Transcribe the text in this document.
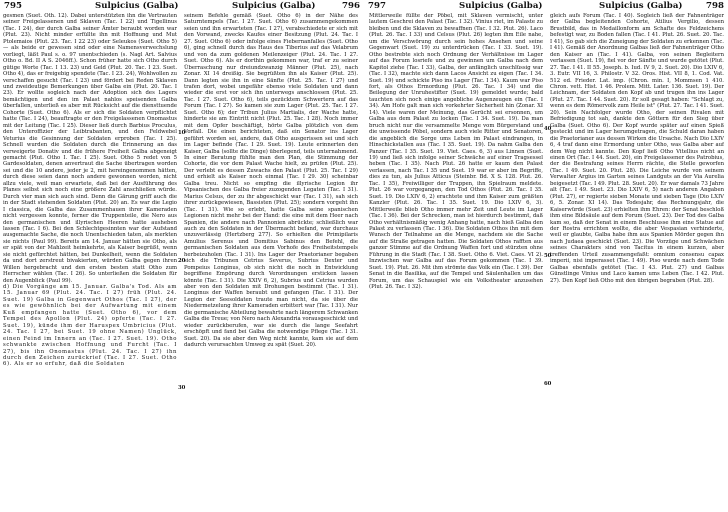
795	Sulpicius (Galba)	Sulpicius (Galba)	796

gesmen (Suet. Oth. 12). Dabei unterstützten ihn die Vertrauten seiner Freigelassenen und Sklaven (Tac. I 22) und Tigellinus (Tac. I 24), der durch Galba seiner Ämter beraubt worden war (Plut. 23). Nicht minder erfüllte ihn mit Hoffnung und Mut Ptolemaios (Plut. 23. Tac. I 22 23) oder Seleukos (Suet. Otho 5) — als beide er gewesen sind oder eine Namensverwechslung vorliegt, läßt Paul s. o. 97 unentschieden (s. Nagl Art. Salvius Otho o. Bd. II A S. 2046ff.). Schon früher hatte sich Otho durch gütige Worte (Tac. I 13. 23) und Geld (Plut. 20. Tac. I 23. Suet. Otho 4), das er freigebig spendete (Tac. I 23. 24), Wohlwollen zu verschaffen gesucht (Tac. I 23) und fördert bei Reden Sklaven und zweideutige Bemerkungen über Galba ein (Plut. 20. Tac. I 23). Er wollte sogleich nach der Adoption sich des Lagers bemächtigen und den im Palast nahlos speisenden Galba überfallen, unterließ es aber mit Rücksicht auf die diensttuende Cohorte (Suet. Otho 6). Als er sich die Soldaten verpflichtet hatte (Tac. I 24), beauftragte er den Freigelassenen Onomastus mit der Leitung (Tac. I 25). Dieser ließ durch Barbius Proculus, den Unteroffizier der Leibtrabanten, und den Feldwebel Veturius die Gesinnung der Soldaten erproben (Tac. I 25). Schnell wurden die Soldaten durch die Erinnerung an das verweigerte Donativ und die frühere Freiheit Galba abgeneigt gemacht (Plut. Otho I. Tac. I 25). Suet. Otho 5 redet von 5 Gardesoldaten, denen anvertraut die Sache übertragen worden sei und die 10 andere, jeder je 2, mit hereingenommen hätten, durch diese seien dann noch andere gewonnen worden, nicht allzu viele, weil man erwartete, daß bei der Ausführung des Planes selbst sich noch eine größere Zahl anschließen würde. Durch vier man sich auch sind. Denn die Gärung griff auch die in der Stadt stehenden Soldaten (Plut. 20) an. Es war die Legio I classica, die Galba das Zusammenhauen ihrer Kameraden nicht vergessen konnte, ferner die Truppenteile, die Nero aus den germanischen und illyrischen Heeren hatte ausheben lassen (Tac. I 6). Bei den Schlechtgesinnten war der Aufstand ausgemachte Sache, die noch Unentschieden taten, als merkten sie nichts (Paul 99). Bereits am 14. Januar hätten sie Otho, als er spät von der Mahlzeit heimkehrte, als Kaiser begrüßt, wenn sie nicht gefürchtet hätten, bei Dunkelheit, wenn die Soldaten da und dort zerstreut bivakierten, würden Galba gegen ihren Willen hergebracht und den ersten besten statt Otho zum Herrscher wählen (Tac. I 26). So unterließen die Soldaten für den Augenblick (Paul 99).

d) Die Vorgänge am 15. Januar. Galba's Tod. Als am 15. Januar 69 (Plut. 24. Tac. I 27) früh (Plut. 24. Suet. 19) Galba in Gegenwart Othos (Tac. I 27), der es wie gewöhnlich bei der Aufwartung mit einem Kuß empfangen hatte (Suet. Otho 6), vor dem Tempel des Apollon (Plut. 24) opferte (Tac. I 27. Suet. 19), künde ihm der Haruspex Umbricius (Plut. 24. Tac. I 27, bei Suet. 19 ohne Namen) Unglück, einen Feind im Innern an (Tac. I 27. Suet. 19). Otho schwankte zwischen Hoffnung und Furcht (Tac. I 27), bis ihn Onomastus (Plut. 24. Tac. I 27) ihn durch den Zeichen zurückrief (Tac. I 27. Suet. Otho 6). Als er so erfuhr, daß die Soldaten

10
20
30

seinem Befehle gemäß (Suet. Otho 6) in der Nähe des Saturntempels (Tac. I 27. Suet. Otho 6) zusammengekommen seien und ihn erwarteten (Tac. I 27), verabschiedete er sich mit den Vorwand, zwecks Kaufes einer Besitzung (Plut. 24. Tac. I 27. Suet. Otho 6) oder infolge eines Fiebernanfalles (Suet. Otho 6), ging schnell durch das Haus des Tiberius auf das Velabrum und von da zum goldenen Meilenzeiger (Plut. 24. Tac. I 27. Suet. Otho 6). Als er dorthin gekommen war, traf er zu seiner Überraschung nur dreiundzwanzig Männer (Plut. 25), nach Zonar. XI 14 dreißig. Sie begrüßten ihn als Kaiser (Plut. 25). Dann legten sie ihn in eine Sänfte (Plut. 25. Tac. I 27) und trafen dort, wobei ungefähr ebenso viele Soldaten und dann wieder die erst vor sich ihn unterwegs anschlossen (Plut. 25. Tac. I 27. Suet. Otho 6), teils gezücktem Schwertern auf das Forum (Tac. I 27). So kamen sie zum Lager (Plut. 25. Tac. I 27. Suet. Otho 6); der Tribun Julius Martialis, der Wache hatte, hinderte sie am Eintritt nicht (Plut. 25. Tac. I 28). Noch immer mit dem Opfer beschäftigt, hörte Galba plötzlich von dem Vorfall. Die einen berichteten, daß ein Senator ins Lager geführt worden sei, andere, daß Otho ausgerissen sei und sich im Lager befinde (Tac. I 29. Suet. 19). Leute erinnerten den Kaiser, Galba (sollte die Dinge) überlegend, teils unternahmend. In einer Beratung fühlte man den Plan, die Stimmung der Cohorte, die vor dem Palast Wache hielt, zu prüfen (Plut. 25). Der verlebt es dessen Zuwachs den Palast (Plut. 25. Tac. I 29) und erhielt als Kaiser noch einmal (Tac. I 29. 30) scheinbar Galba treu. Nicht so empfing die illyrische Legion ihr Vipsanischen des Galba freier zuzogenden Legaten (Tac. I 31). Marius Celsus, der zu ihr abgeschickt war (Tac. I 31), sah sich ihrer zurückgewiesen, Bassisten (Plut. 25); sondern vorgeht ihn (Tac. I 31). Wie so erlebt, hatte Galba seine spanischen Legionen nicht mehr bei der Hand: die eine mit dem Heer nach Spanien, die andere nach Pannonien abrückte; schließlich war auch zu den Soldaten in der Übermacht befand, war durchaus unzuverlässig (Hertzberg 277). So erhielten die Primipilaris Amulius Serenus und Domitius Sabinus den Befehl, die germanischen Soldaten aus dem Vorhofe des Freiheitstempels herbeizuholen (Tac. I 31). Ins Lager der Praetorianer begaben sich die Tribunen Cetrius Severus, Subrius Dexter und Pompeius Longinus, ob sich nicht die noch in Entwicklung begriffene Empörung durch Verordnungen ersticken lassen könnte (Tac. I 31). Die XXIV 6, 2), Subrius und Cetrius wurden aber von den Soldaten mit Drohungen bestimmt (Tac. I 31). Longinus der Waffen beraubt und gefangen (Tac. I 31). Der Legion der Seesoldaten traute man nicht, da sie über die Niedermetzelung ihrer Kameraden erbittert war (Tac. I 31). Nur die germanische Abteilung bewahrte nach längerem Schwanken Galba die Treue; von Nero nach Alexandria vorausgeschickt und wieder zurückberufen, war sie durch die lange Seefahrt erschöpft und fand bei Galba die notwendige Pflege (Tac. I 31. Suet. 20). Da sie aber den Weg nicht kannte, kam sie auf dem dadurch verursachten Umweg zu spät (Suet. 20).

797	Sulpicius (Galba)	Sulpicius (Galba)	798

Mittlerweile füllte der Pöbel, mit Sklaven vermischt, unter lautem Geschrei den Palast (Tac. I 32). Vinius riet, im Palaste zu bleiben und die Sklaven zu bewaffnen (Tac. I 32. Plut. 26). Laco (Plut. 26. Tac. I 33) und Celsus (Plut. 26) legten ihm Eile nahe, um die Verschwörung durch sein hohes Ansehen und seine Gegenwart (Suet. 19) zu unterdrücken (Tac. I 33. Suet. 19). Otho bestrebte sich noch Ordnung der Verhältnisse im Lager auf das Forum losriefe und zu gewinnen um Galba nach dem Kapitol ziehe (Tac. I 33), Galba, der anfänglich unschlüssig war (Tac. I 32), machte sich dann Lacos Ansicht zu eigen (Tac. I 34. Suet. 19) und schickte Piso ins Lager (Tac. I 34). Kaum war Piso fort, als Othos Ermordung (Plut. 26. Tac. I 34) und die Beilegung der Unruhestifter (Suet. 19) gemeldet wurde; bald tauchten sich noch einige angebliche Augenzeugen ein (Tac. I 34). Am Hofe galt man sich vorkehrter Sicherheit hin (Zonar. XI 14). Viele waren der Meinung, das Gerücht sei ersonnen, um Galba aus dem Palast zu locken (Tac. I 34. Suet. 19). Da man bruch nicht nur die versammelte Menge vom Bürgerstand und die unwissende Pöbel, sondern auch viele Ritter und Senatoren, die angeblich die Sorge ums Leben im Palast eindrangen, in Hinschickstallen aus (Tac. I 35. Suet. 19). Da nahm Galba den Panzer (Tac. I 35. Suet. 19. Viet. Caes. 6, 3) aus Linnen (Suet. 19) und ließ sich infolge seiner Schwäche auf einer Tragsessel heben (Tac. I 35). Nach Plut. 26 hatte er kaum den Palast verlassen, nach Tac. I 35 und Suet. 19 war er aber im Begriffe, dies zu tun, als Julius Atticus (Steinbr. Bd. X S. 128. Plut. 26. Tac. I 35), Freiwilliger der Truppen, ihn Spielraum meldete. Plut. 26 war vorgegangen, den Tod Othos (Plut. 26. Tac. I 35. Suet. 19. Dio LXIV 6, 2) erachtete und ihm Kaiser zum gräßten Kanzler (Plut. 26. Tac. I 35. Suet. 19. Dio LXIV 6, 3). Mittlerweile blieb Otho immer mehr Zeit und Leute im Lager (Tac. I 36). Bei der Schrecken, man ist hierdurch bestimmt, daß Otho verhältnismäßig wenig Anhang hatte, nach hieß Galba den Palast zu verlassen (Tac. I 36). Die Soldaten Othos ihn mit dem Wunsch der Teilnahme an die Menge, nachdem sie die Sache auf die Straße getragen hatten. Die Soldaten Othos rafften aus ganzer Stimme auf die Ordnung Waffen fort und stürzten ohne Führung in die Stadt (Tac. I 38. Suet. Otho 6. Viet. Caes. VI 2). Inzwischen war Galba auf das Forum gekommen (Tac. I 39. Suet. 19). Plut. 26. Mit ihm strömte das Volk ein (Tac. I 39). Der Senat in die Basilika, auf die Tempel und Säulenhallen um das Forum, um das Schauspiel wie ein Volkstheater anzusehen (Plut. 26. Tac. I 32).

40
50
60

gleich aufs Forum (Tac. I 40). Sogleich ließ der Fahnenträger der Galba begleitenden Cohorte, Atilius Vergilio, dessen Brustbild, das in Medaillonform am Schafte des Feldzeichens befestigt war, zu Boden fallen (Tac. I 41. Plut. 26. Suet. 20. Tac. I 41), So gab sich die Zuneigung der Soldaten zu erkennen (Tac. I 41). Gemäß der Anordnung Galbas ließ der Fahnenträger Otho den Kaiser an (Tac. I 41). Galba, von seinen Begleitern verlassen (Suet. 19), fiel vor der Sänfte und wurde getötet (Plut. 27. Tac. I 41. II 55. Joseph. b. Iud. IV 9, 2. Suet. 20). Dio LXIV 6, 3. Eutr. VII 16, 3. Philostr. V 32. Oros. Hist. VII 8, 1. Cod. Vat. 512 ed. Frieder. Lat. imp. (Chron. min. I, Mommsen 1 410. Chron. vett. Hist. 1 46. Prolem. Mitt. Later. 136. Suet. 19). Der Leichnam, der Soldaten den Kopf ab und trugen ihn ins Lager (Plut. 27. Tac. I 44. Suet. 20). Er soll gesagt haben: "Schlagt zu, wenn es dem Römervolk zum Heile ist" (Plut. 27. Tac. I 41. Suet. 20). Sein Nachfolger wurde Otho, der seinen Rivalen mit Befriedigung tot sah, dankte den Göttern für den Sieg über Galba (Suet. Otho 6). Der Kopf wurde später auf einen Spieß gesteckt und im Lager herumgetragen, die Schuld daran haben die Praetorianer aus dessen Wirken die Ursache. Nach Dio LXIV 6, 4 traf dann eine Ermordung unter Otho, was Galba aber auf dem Weg nicht kannte. Den Kopf ließ Otho Vitellius nicht an einen Ort (Tac. I 44. Suet. 20), ein Freigelassener des Patrobius, der die Bestrafung seines Herrn rächte, die Stelle geworfen (Tac. I 49. Suet. 20. Plut. 28). Die Leiche wurde von seinem Verwalter Argius im Garten seines Landguts an der Via Aurelia beigesetzt (Tac. I 49. Plut. 28. Suet. 20). Er war damals 73 Jahre alt (Tac. I 49. Suet. 23. Dio LXIV 6, 5) nach anderen Angaben (Plut. 27), er regierte sieben Monate und sieben Tage (Dio LXIV 6, 5. Zonar. XI 14). Das Todesjahr, das Rechnungsjahr, die Kaiserwürde (Suet. 23) erhielten ihm Ehren: der Senat beschloß ihm eine Bildsäule auf dem Forum (Suet. 23). Der Tod des Galba kam so, daß der Senat in einem Beschlusse ihm eine Statue auf der Rostra errichten wollte, die aber Vespasian verhinderte, weil er glaubte, Galba habe ihm aus Spanien Mörder gegen ihn nach Judaea geschickt (Suet. 23). Die Vorzüge und Schwächen seines Charakters sind von Tacitus in einem kurzen, aber treffenden Urteil zusammengefaßt: omnium consensu capax imperii, nisi imperasset (Tac. I 49). Piso wurde nach dem Tode Galbas ebenfalls getötet (Tac. I 43. Plut. 27) und Galbas Günstlinge Vinius und Laco kamen ums Leben (Tac. I 42. Plut. 27). Den Kopf ließ Otho mit den übrigen begraben (Plut. 28).
